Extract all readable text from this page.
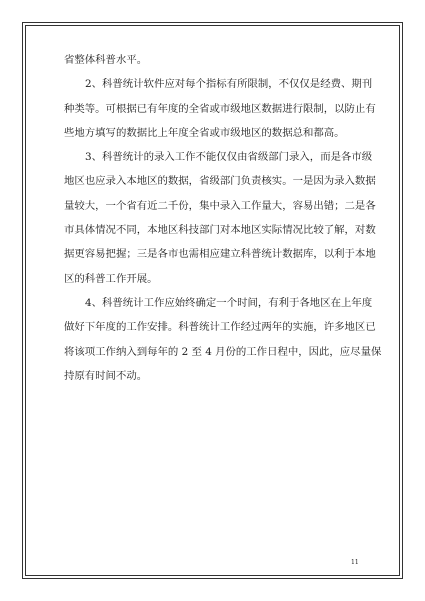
省整体科普水平。
2、科普统计软件应对每个指标有所限制，不仅仅是经费、期刊
种类等。可根据已有年度的全省或市级地区数据进行限制，以防止有
些地方填写的数据比上年度全省或市级地区的数据总和都高。
3、科普统计的录入工作不能仅仅由省级部门录入，而是各市级
地区也应录入本地区的数据，省级部门负责核实。一是因为录入数据
量较大，一个省有近二千份，集中录入工作量大，容易出错；二是各
市具体情况不同，本地区科技部门对本地区实际情况比较了解，对数
据更容易把握；三是各市也需相应建立科普统计数据库，以利于本地
区的科普工作开展。
4、科普统计工作应始终确定一个时间，有利于各地区在上年度
做好下年度的工作安排。科普统计工作经过两年的实施，许多地区已
将该项工作纳入到每年的 2 至 4 月份的工作日程中，因此，应尽量保
持原有时间不动。
11
